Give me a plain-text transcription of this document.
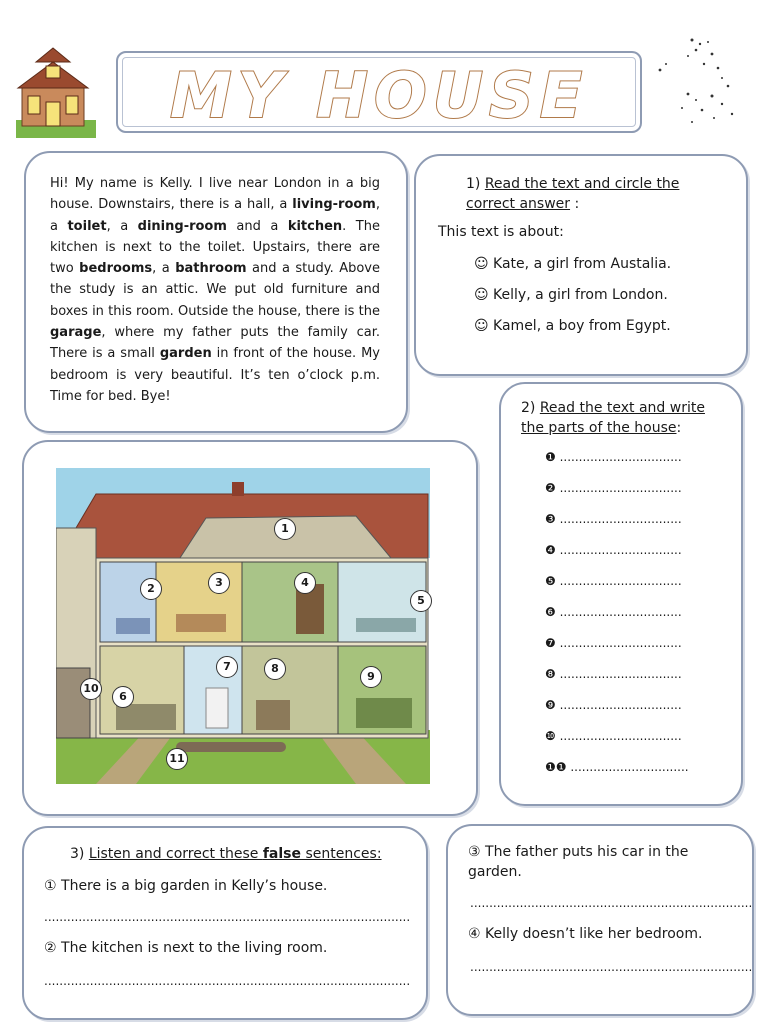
MY HOUSE
Hi! My name is Kelly. I live near London in a big house. Downstairs, there is a hall, a living-room, a toilet, a dining-room and a kitchen. The kitchen is next to the toilet. Upstairs, there are two bedrooms, a bathroom and a study. Above the study is an attic. We put old furniture and boxes in this room. Outside the house, there is the garage, where my father puts the family car. There is a small garden in front of the house. My bedroom is very beautiful. It’s ten o’clock p.m. Time for bed. Bye!
1) Read the text and circle the correct answer :
This text is about:
☺ Kate, a girl from Austalia.
☺ Kelly, a girl from London.
☺ Kamel, a boy from Egypt.
2) Read the text and write the parts of the house:
❶ ................................
❷ ................................
❸ ................................
❹ ................................
❺ ................................
❻ ................................
❼ ................................
❽ ................................
❾ ................................
❿ ................................
❶❶ ...............................
1
2	3	4
5
6
7	8
9
10
11
3) Listen and correct these false sentences:
① There is a big garden in Kelly’s house.
................................................................................................
② The kitchen is next to the living room.
................................................................................................
③ The father puts his car in the garden.
..........................................................................
④ Kelly doesn’t like her bedroom.
..........................................................................
